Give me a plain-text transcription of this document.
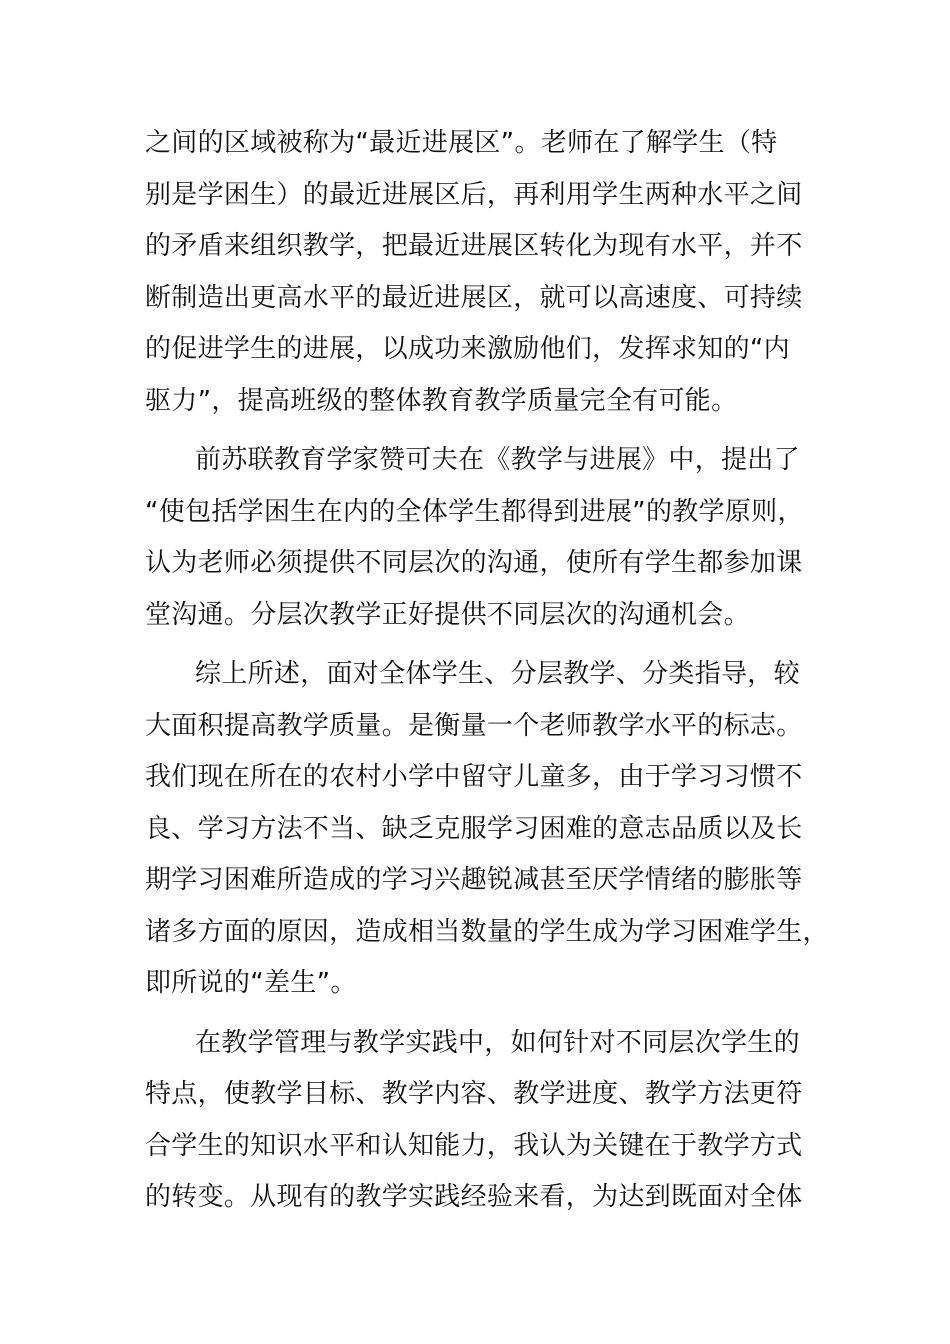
之间的区域被称为“最近进展区”。老师在了解学生（特
别是学困生）的最近进展区后，再利用学生两种水平之间
的矛盾来组织教学，把最近进展区转化为现有水平，并不
断制造出更高水平的最近进展区，就可以高速度、可持续
的促进学生的进展，以成功来激励他们，发挥求知的“内
驱力”，提高班级的整体教育教学质量完全有可能。
前苏联教育学家赞可夫在《教学与进展》中，提出了
“使包括学困生在内的全体学生都得到进展”的教学原则，
认为老师必须提供不同层次的沟通，使所有学生都参加课
堂沟通。分层次教学正好提供不同层次的沟通机会。
综上所述，面对全体学生、分层教学、分类指导，较
大面积提高教学质量。是衡量一个老师教学水平的标志。
我们现在所在的农村小学中留守儿童多，由于学习习惯不
良、学习方法不当、缺乏克服学习困难的意志品质以及长
期学习困难所造成的学习兴趣锐减甚至厌学情绪的膨胀等
诸多方面的原因，造成相当数量的学生成为学习困难学生，
即所说的“差生”。
在教学管理与教学实践中，如何针对不同层次学生的
特点，使教学目标、教学内容、教学进度、教学方法更符
合学生的知识水平和认知能力，我认为关键在于教学方式
的转变。从现有的教学实践经验来看，为达到既面对全体
